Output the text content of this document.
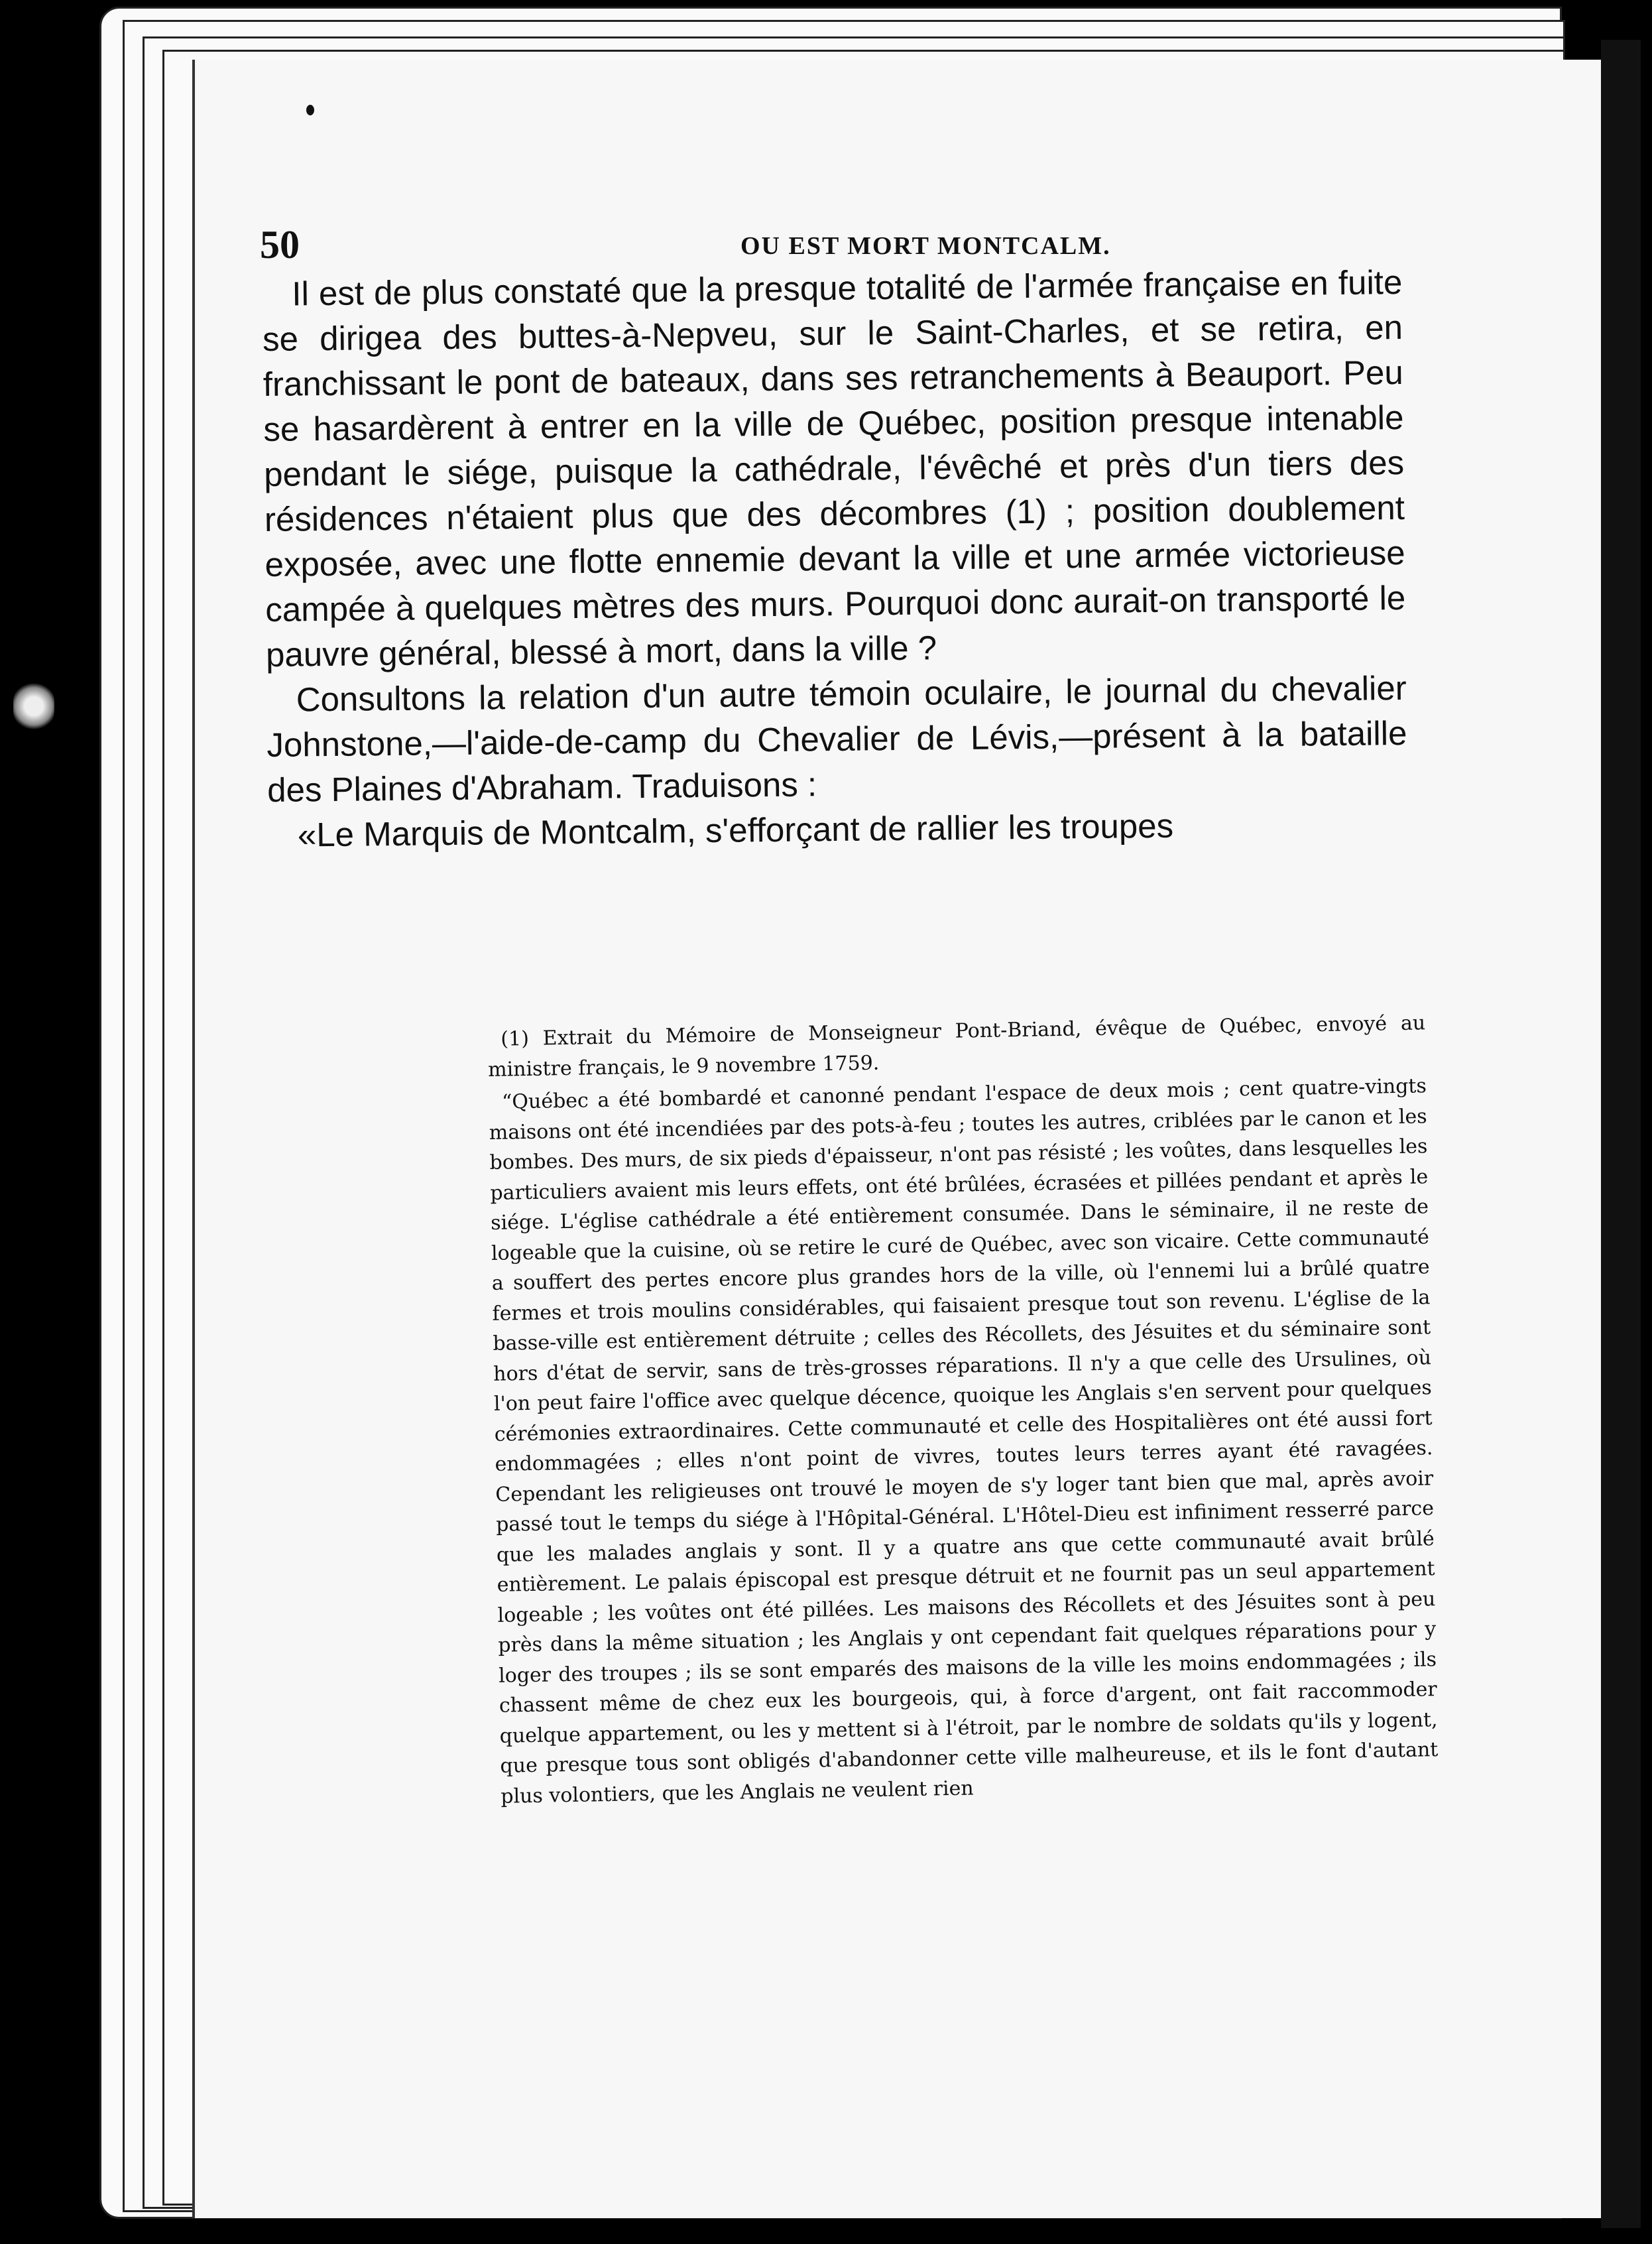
50	OU EST MORT MONTCALM.

Il est de plus constaté que la presque totalité de l'armée française en fuite se dirigea des buttes-à-Nepveu, sur le Saint-Charles, et se retira, en franchissant le pont de bateaux, dans ses retranchements à Beauport. Peu se hasardèrent à entrer en la ville de Québec, position presque intenable pendant le siége, puisque la cathédrale, l'évêché et près d'un tiers des résidences n'étaient plus que des décombres (1) ; position doublement exposée, avec une flotte ennemie devant la ville et une armée victorieuse campée à quelques mètres des murs. Pourquoi donc aurait-on transporté le pauvre général, blessé à mort, dans la ville ?

Consultons la relation d'un autre témoin oculaire, le journal du chevalier Johnstone,—l'aide-de-camp du Chevalier de Lévis,—présent à la bataille des Plaines d'Abraham. Traduisons :

«Le Marquis de Montcalm, s'efforçant de rallier les troupes

(1) Extrait du Mémoire de Monseigneur Pont-Briand, évêque de Québec, envoyé au ministre français, le 9 novembre 1759.

“Québec a été bombardé et canonné pendant l'espace de deux mois ; cent quatre-vingts maisons ont été incendiées par des pots-à-feu ; toutes les autres, criblées par le canon et les bombes. Des murs, de six pieds d'épaisseur, n'ont pas résisté ; les voûtes, dans lesquelles les particuliers avaient mis leurs effets, ont été brûlées, écrasées et pillées pendant et après le siége. L'église cathédrale a été entièrement consumée. Dans le séminaire, il ne reste de logeable que la cuisine, où se retire le curé de Québec, avec son vicaire. Cette communauté a souffert des pertes encore plus grandes hors de la ville, où l'ennemi lui a brûlé quatre fermes et trois moulins considérables, qui faisaient presque tout son revenu. L'église de la basse-ville est entièrement détruite ; celles des Récollets, des Jésuites et du séminaire sont hors d'état de servir, sans de très-grosses réparations. Il n'y a que celle des Ursulines, où l'on peut faire l'office avec quelque décence, quoique les Anglais s'en servent pour quelques cérémonies extraordinaires. Cette communauté et celle des Hospitalières ont été aussi fort endommagées ; elles n'ont point de vivres, toutes leurs terres ayant été ravagées. Cependant les religieuses ont trouvé le moyen de s'y loger tant bien que mal, après avoir passé tout le temps du siége à l'Hôpital-Général. L'Hôtel-Dieu est infiniment resserré parce que les malades anglais y sont. Il y a quatre ans que cette communauté avait brûlé entièrement. Le palais épiscopal est presque détruit et ne fournit pas un seul appartement logeable ; les voûtes ont été pillées. Les maisons des Récollets et des Jésuites sont à peu près dans la même situation ; les Anglais y ont cependant fait quelques réparations pour y loger des troupes ; ils se sont emparés des maisons de la ville les moins endommagées ; ils chassent même de chez eux les bourgeois, qui, à force d'argent, ont fait raccommoder quelque appartement, ou les y mettent si à l'étroit, par le nombre de soldats qu'ils y logent, que presque tous sont obligés d'abandonner cette ville malheureuse, et ils le font d'autant plus volontiers, que les Anglais ne veulent rien
